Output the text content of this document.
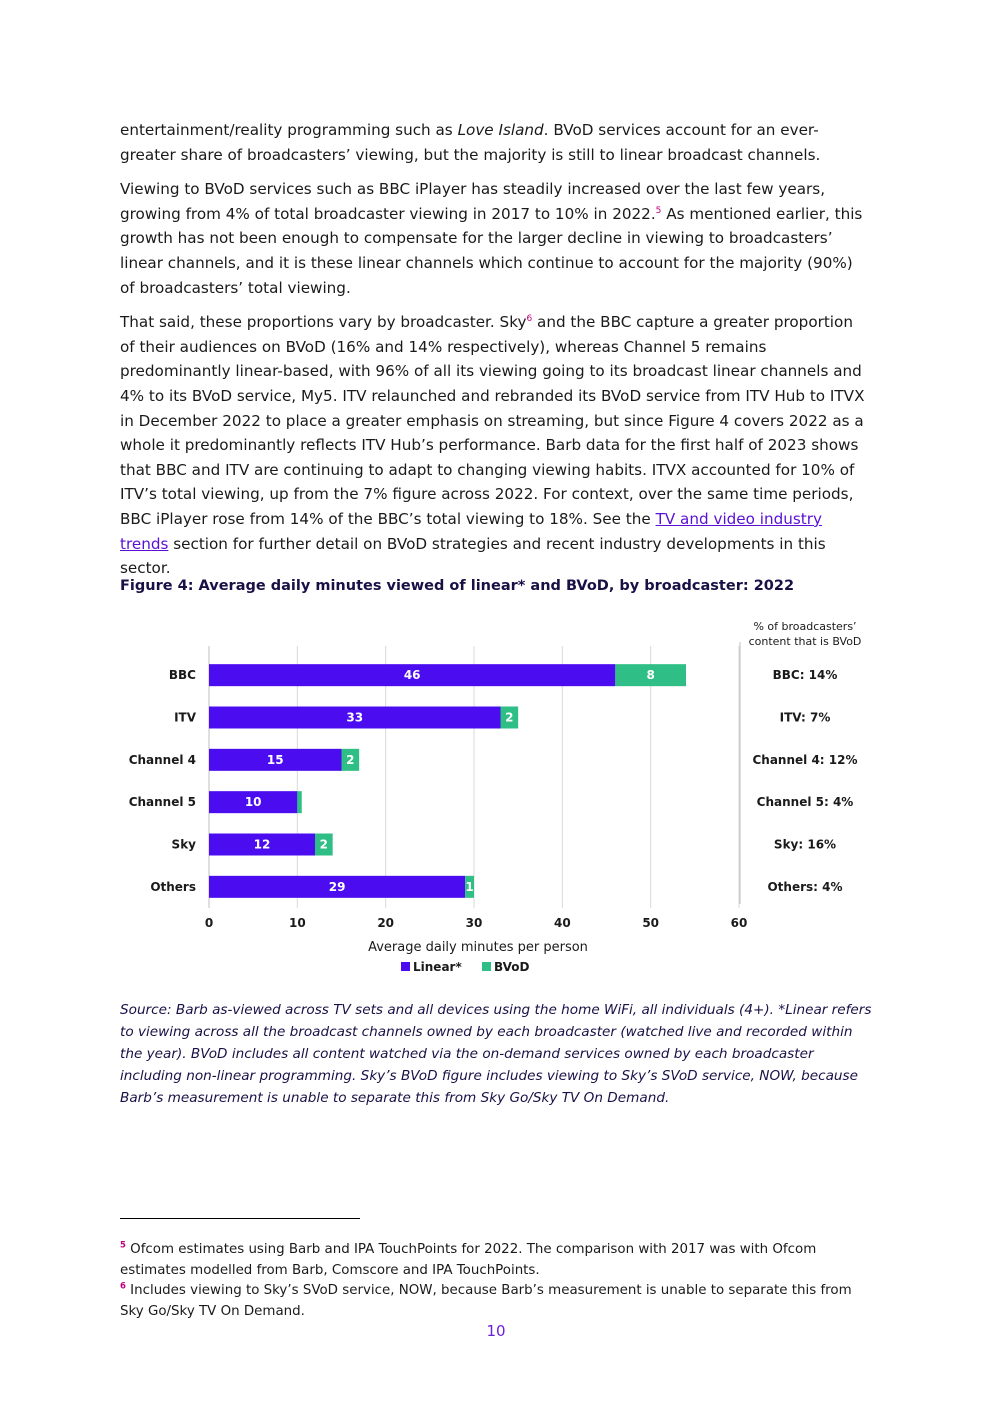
entertainment/reality programming such as Love Island. BVoD services account for an ever-greater share of broadcasters’ viewing, but the majority is still to linear broadcast channels.

Viewing to BVoD services such as BBC iPlayer has steadily increased over the last few years, growing from 4% of total broadcaster viewing in 2017 to 10% in 2022.$^5$ As mentioned earlier, this growth has not been enough to compensate for the larger decline in viewing to broadcasters’ linear channels, and it is these linear channels which continue to account for the majority (90%) of broadcasters’ total viewing.

That said, these proportions vary by broadcaster. Sky$^6$ and the BBC capture a greater proportion of their audiences on BVoD (16% and 14% respectively), whereas Channel 5 remains predominantly linear-based, with 96% of all its viewing going to its broadcast linear channels and 4% to its BVoD service, My5. ITV relaunched and rebranded its BVoD service from ITV Hub to ITVX in December 2022 to place a greater emphasis on streaming, but since Figure 4 covers 2022 as a whole it predominantly reflects ITV Hub’s performance. Barb data for the first half of 2023 shows that BBC and ITV are continuing to adapt to changing viewing habits. ITVX accounted for 10% of ITV’s total viewing, up from the 7% figure across 2022. For context, over the same time periods, BBC iPlayer rose from 14% of the BBC’s total viewing to 18%. See the TV and video industry trends section for further detail on BVoD strategies and recent industry developments in this sector.

Figure 4: Average daily minutes viewed of linear* and BVoD, by broadcaster: 2022
0	10	20	30	40	50	60
Average daily minutes per person
BBC	46	8	BBC: 14%
ITV	33	2	ITV: 7%
Channel 4	15	2	Channel 4: 12%
Channel 5	10	Channel 5: 4%
Sky	12	2	Sky: 16%
Others	29	1	Others: 4%
% of broadcasters’
content that is BVoD
Linear*	BVoD
Source: Barb as-viewed across TV sets and all devices using the home WiFi, all individuals (4+). *Linear refers to viewing across all the broadcast channels owned by each broadcaster (watched live and recorded within the year). BVoD includes all content watched via the on-demand services owned by each broadcaster including non-linear programming. Sky’s BVoD figure includes viewing to Sky’s SVoD service, NOW, because Barb’s measurement is unable to separate this from Sky Go/Sky TV On Demand.
$^5$ Ofcom estimates using Barb and IPA TouchPoints for 2022. The comparison with 2017 was with Ofcom estimates modelled from Barb, Comscore and IPA TouchPoints.
$^6$ Includes viewing to Sky’s SVoD service, NOW, because Barb’s measurement is unable to separate this from Sky Go/Sky TV On Demand.
10
